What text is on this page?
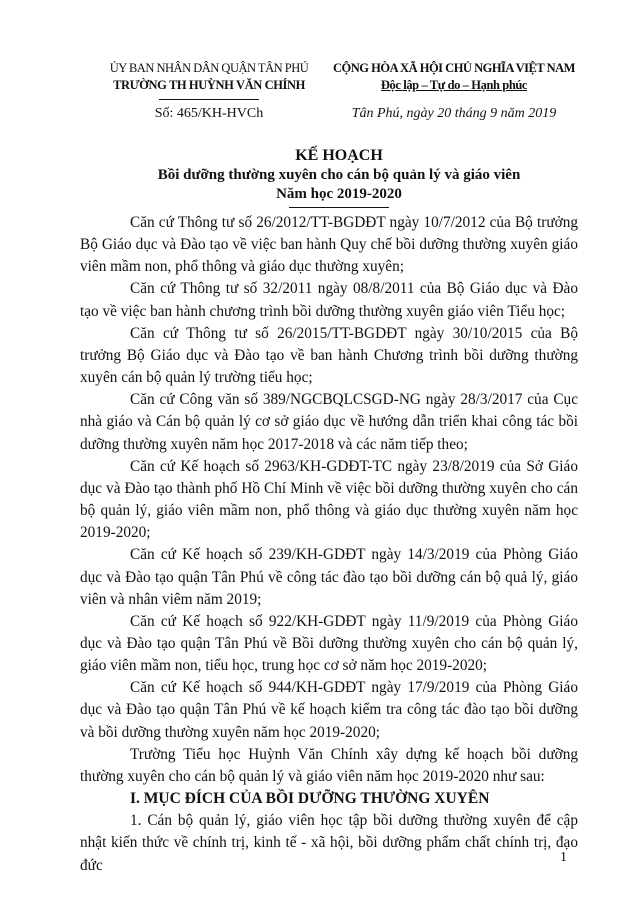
ỦY BAN NHÂN DÂN QUẬN TÂN PHÚ
TRƯỜNG TH HUỲNH VĂN CHÍNH
CỘNG HÒA XÃ HỘI CHỦ NGHĨA VIỆT NAM
Độc lập – Tự do – Hạnh phúc
Số: 465/KH-HVCh	Tân Phú, ngày 20 tháng 9 năm 2019
KẾ HOẠCH
Bồi dưỡng thường xuyên cho cán bộ quản lý và giáo viên
Năm học 2019-2020

Căn cứ Thông tư số 26/2012/TT-BGDĐT ngày 10/7/2012 của Bộ trưởng Bộ Giáo dục và Đào tạo về việc ban hành Quy chế bồi dưỡng thường xuyên giáo viên mầm non, phổ thông và giáo dục thường xuyên;

Căn cứ Thông tư số 32/2011 ngày 08/8/2011 của Bộ Giáo dục và Đào tạo về việc ban hành chương trình bồi dưỡng thường xuyên giáo viên Tiểu học;

Căn cứ Thông tư số 26/2015/TT-BGDĐT ngày 30/10/2015 của Bộ trưởng Bộ Giáo dục và Đào tạo về ban hành Chương trình bồi dưỡng thường xuyên cán bộ quản lý trường tiểu học;

Căn cứ Công văn số 389/NGCBQLCSGD-NG ngày 28/3/2017 của Cục nhà giáo và Cán bộ quản lý cơ sở giáo dục về hướng dẫn triển khai công tác bồi dưỡng thường xuyên năm học 2017-2018 và các năm tiếp theo;

Căn cứ Kế hoạch số 2963/KH-GDĐT-TC ngày 23/8/2019 của Sở Giáo dục và Đào tạo thành phố Hồ Chí Minh về việc bồi dưỡng thường xuyên cho cán bộ quản lý, giáo viên mầm non, phổ thông và giáo dục thường xuyên năm học 2019-2020;

Căn cứ Kế hoạch số 239/KH-GDĐT ngày 14/3/2019 của Phòng Giáo dục và Đào tạo quận Tân Phú về công tác đào tạo bồi dưỡng cán bộ quả lý, giáo viên và nhân viêm năm 2019;

Căn cứ Kế hoạch số 922/KH-GDĐT ngày 11/9/2019 của Phòng Giáo dục và Đào tạo quận Tân Phú về Bồi dưỡng thường xuyên cho cán bộ quản lý, giáo viên mầm non, tiểu học, trung học cơ sở năm học 2019-2020;

Căn cứ Kế hoạch số 944/KH-GDĐT ngày 17/9/2019 của Phòng Giáo dục và Đào tạo quận Tân Phú về kế hoạch kiểm tra công tác đào tạo bồi dưỡng và bồi dưỡng thường xuyên năm học 2019-2020;

Trường Tiểu học Huỳnh Văn Chính xây dựng kế hoạch bồi dưỡng thường xuyên cho cán bộ quản lý và giáo viên năm học 2019-2020 như sau:

I. MỤC ĐÍCH CỦA BỒI DƯỠNG THƯỜNG XUYÊN

1. Cán bộ quản lý, giáo viên học tập bồi dưỡng thường xuyên để cập nhật kiến thức về chính trị, kinh tế - xã hội, bồi dưỡng phẩm chất chính trị, đạo đức	1
